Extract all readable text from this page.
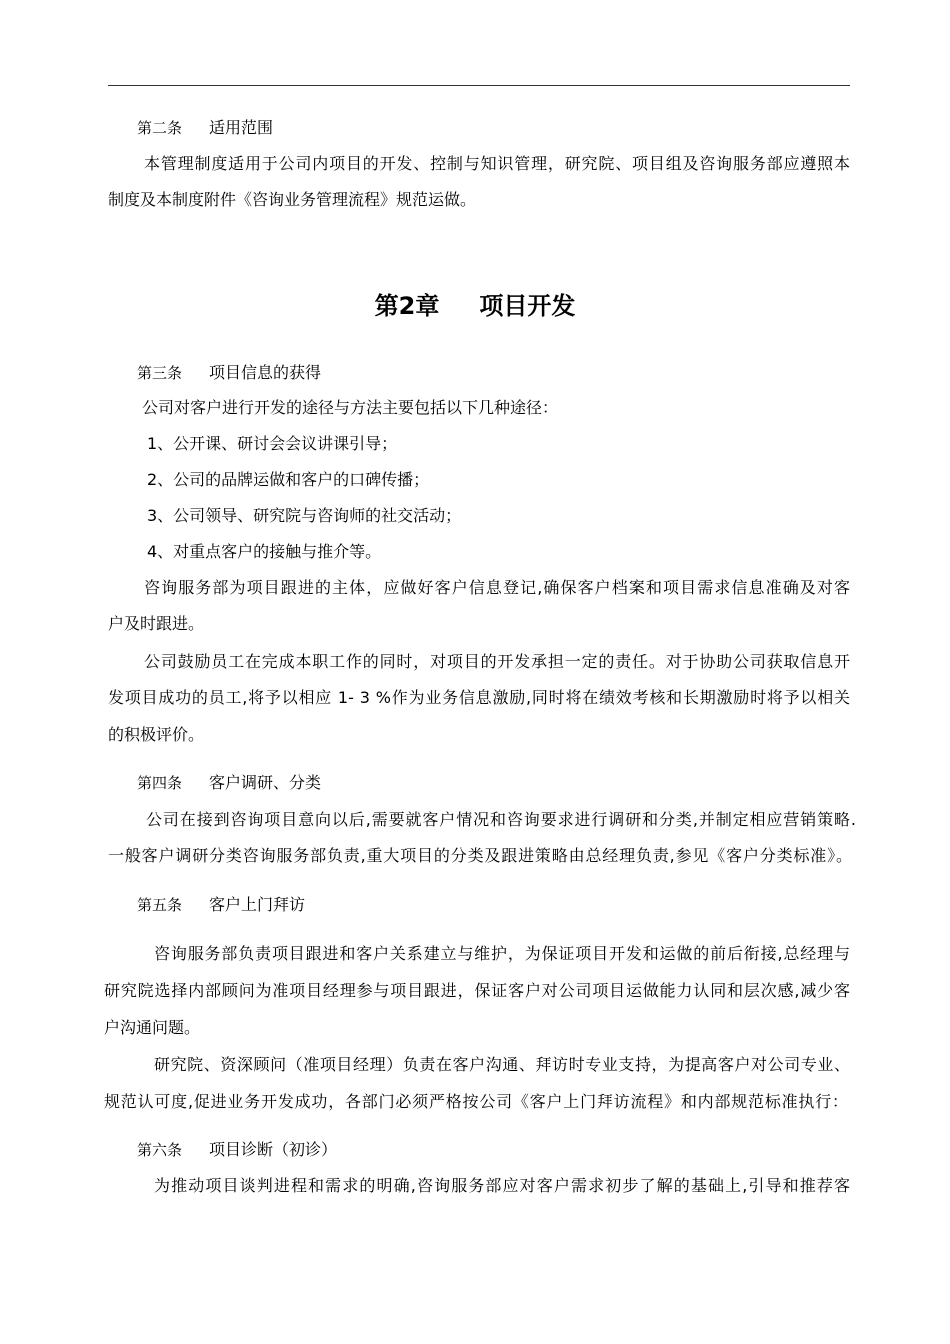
第二条 适用范围
本管理制度适用于公司内项目的开发、控制与知识管理，研究院、项目组及咨询服务部应遵照本
制度及本制度附件《咨询业务管理流程》规范运做。
第2章 项目开发
第三条 项目信息的获得
公司对客户进行开发的途径与方法主要包括以下几种途径：
1、公开课、研讨会会议讲课引导；
2、公司的品牌运做和客户的口碑传播；
3、公司领导、研究院与咨询师的社交活动；
4、对重点客户的接触与推介等。
咨询服务部为项目跟进的主体，应做好客户信息登记,确保客户档案和项目需求信息准确及对客
户及时跟进。
公司鼓励员工在完成本职工作的同时，对项目的开发承担一定的责任。对于协助公司获取信息开
发项目成功的员工,将予以相应 1- 3 %作为业务信息激励,同时将在绩效考核和长期激励时将予以相关
的积极评价。
第四条 客户调研、分类
公司在接到咨询项目意向以后,需要就客户情况和咨询要求进行调研和分类,并制定相应营销策略.
一般客户调研分类咨询服务部负责,重大项目的分类及跟进策略由总经理负责,参见《客户分类标准》。
第五条 客户上门拜访
咨询服务部负责项目跟进和客户关系建立与维护，为保证项目开发和运做的前后衔接,总经理与
研究院选择内部顾问为准项目经理参与项目跟进，保证客户对公司项目运做能力认同和层次感,减少客
户沟通问题。
研究院、资深顾问（准项目经理）负责在客户沟通、拜访时专业支持，为提高客户对公司专业、
规范认可度,促进业务开发成功，各部门必须严格按公司《客户上门拜访流程》和内部规范标准执行：
第六条 项目诊断（初诊）
为推动项目谈判进程和需求的明确,咨询服务部应对客户需求初步了解的基础上,引导和推荐客
